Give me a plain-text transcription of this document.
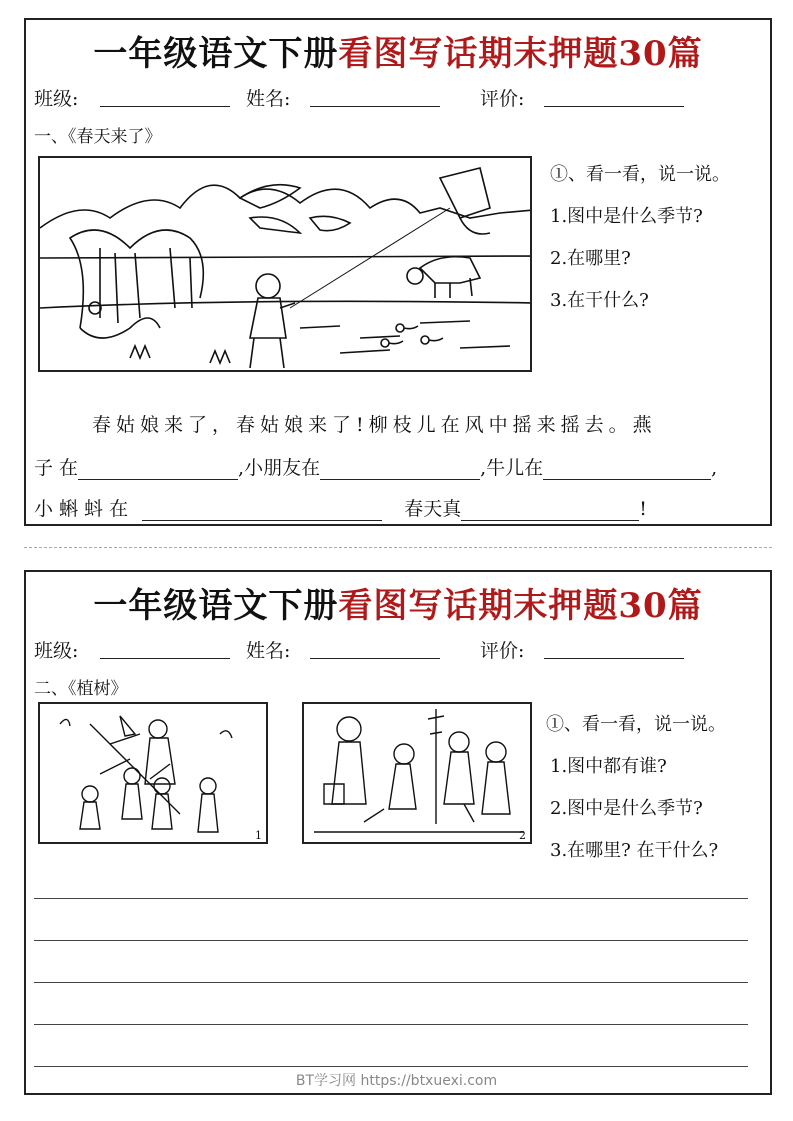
一年级语文下册看图写话期末押题30篇
班级:	姓名:	评价:
一、《春天来了》
①、看一看，说一说。
1.图中是什么季节?
2.在哪里?
3.在干什么?
春姑娘来了，春姑娘来了!柳枝儿在风中摇来摇去。燕
子 在	,小朋友在	,牛儿在	,
小 蝌 蚪 在	春天真	!
一年级语文下册看图写话期末押题30篇
班级:	姓名:	评价:
二、《植树》
1	2
①、看一看，说一说。
1.图中都有谁?
2.图中是什么季节?
3.在哪里? 在干什么?
BT学习网 https://btxuexi.com
